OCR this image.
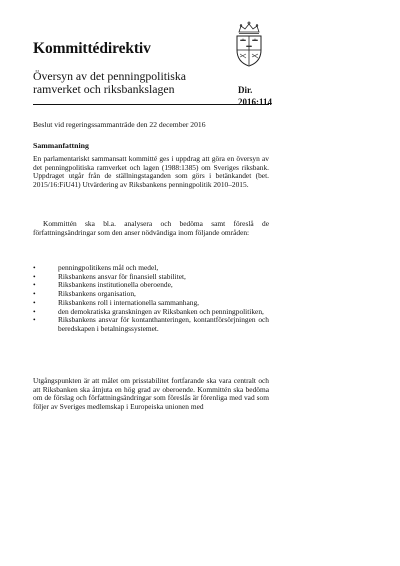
Kommittédirektiv
Översyn av det penningpolitiska ramverket och riksbankslagen	Dir.
2016:114
Beslut vid regeringssammanträde den 22 december 2016
Sammanfattning

En parlamentariskt sammansatt kommitté ges i uppdrag att göra en översyn av det penningpolitiska ramverket och lagen (1988:1385) om Sveriges riksbank. Uppdraget utgår från de ställningstaganden som görs i betänkandet (bet. 2015/16:FiU41) Utvärdering av Riksbankens penningpolitik 2010–2015.

Kommittén ska bl.a. analysera och bedöma samt föreslå de författningsändringar som den anser nödvändiga inom följande områden:

•	penningpolitikens mål och medel,
•	Riksbankens ansvar för finansiell stabilitet,
•	Riksbankens institutionella oberoende,
•	Riksbankens organisation,
•	Riksbankens roll i internationella sammanhang,
•	den demokratiska granskningen av Riksbanken och penningpolitiken,
•	Riksbankens ansvar för kontanthanteringen, kontantförsörjningen och beredskapen i betalningssystemet.

Utgångspunkten är att målet om prisstabilitet fortfarande ska vara centralt och att Riksbanken ska åtnjuta en hög grad av oberoende. Kommittén ska bedöma om de förslag och författningsändringar som föreslås är förenliga med vad som följer av Sveriges medlemskap i Europeiska unionen med
